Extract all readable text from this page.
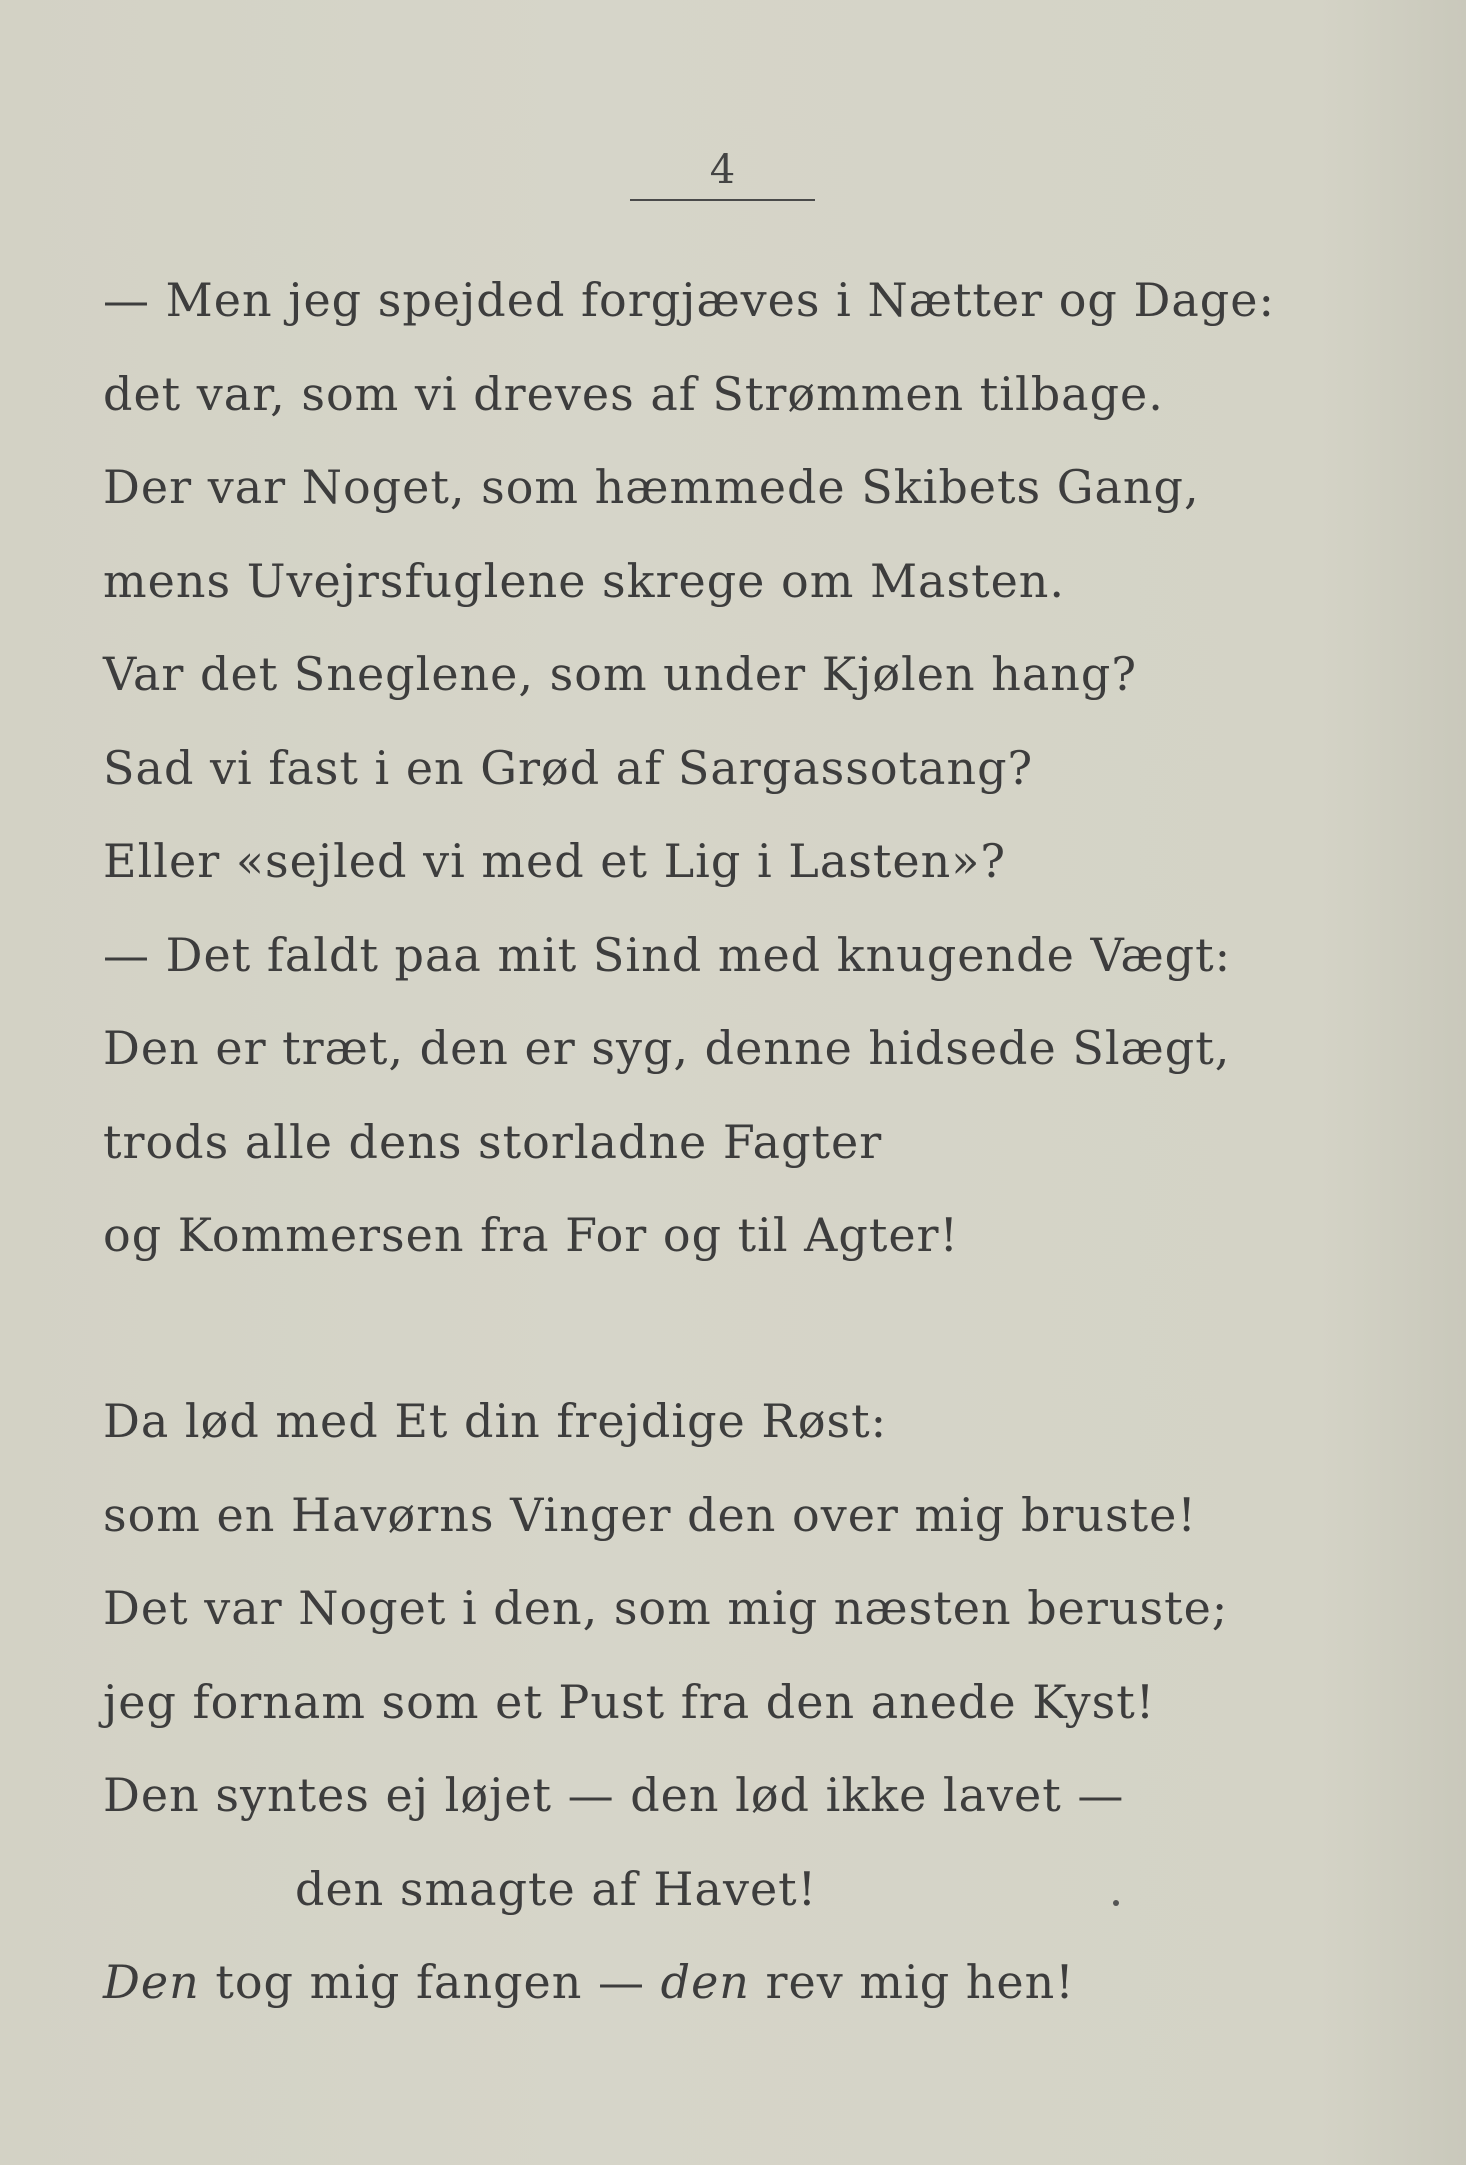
4
— Men jeg spejded forgjæves i Nætter og Dage:
det var, som vi dreves af Strømmen tilbage.
Der var Noget, som hæmmede Skibets Gang,
mens Uvejrsfuglene skrege om Masten.
Var det Sneglene, som under Kjølen hang?
Sad vi fast i en Grød af Sargassotang?
Eller «sejled vi med et Lig i Lasten»?
— Det faldt paa mit Sind med knugende Vægt:
Den er træt, den er syg, denne hidsede Slægt,
trods alle dens storladne Fagter
og Kommersen fra For og til Agter!
Da lød med Et din frejdige Røst:
som en Havørns Vinger den over mig bruste!
Det var Noget i den, som mig næsten beruste;
jeg fornam som et Pust fra den anede Kyst!
Den syntes ej løjet — den lød ikke lavet —
den smagte af Havet!
Den tog mig fangen — den rev mig hen!
